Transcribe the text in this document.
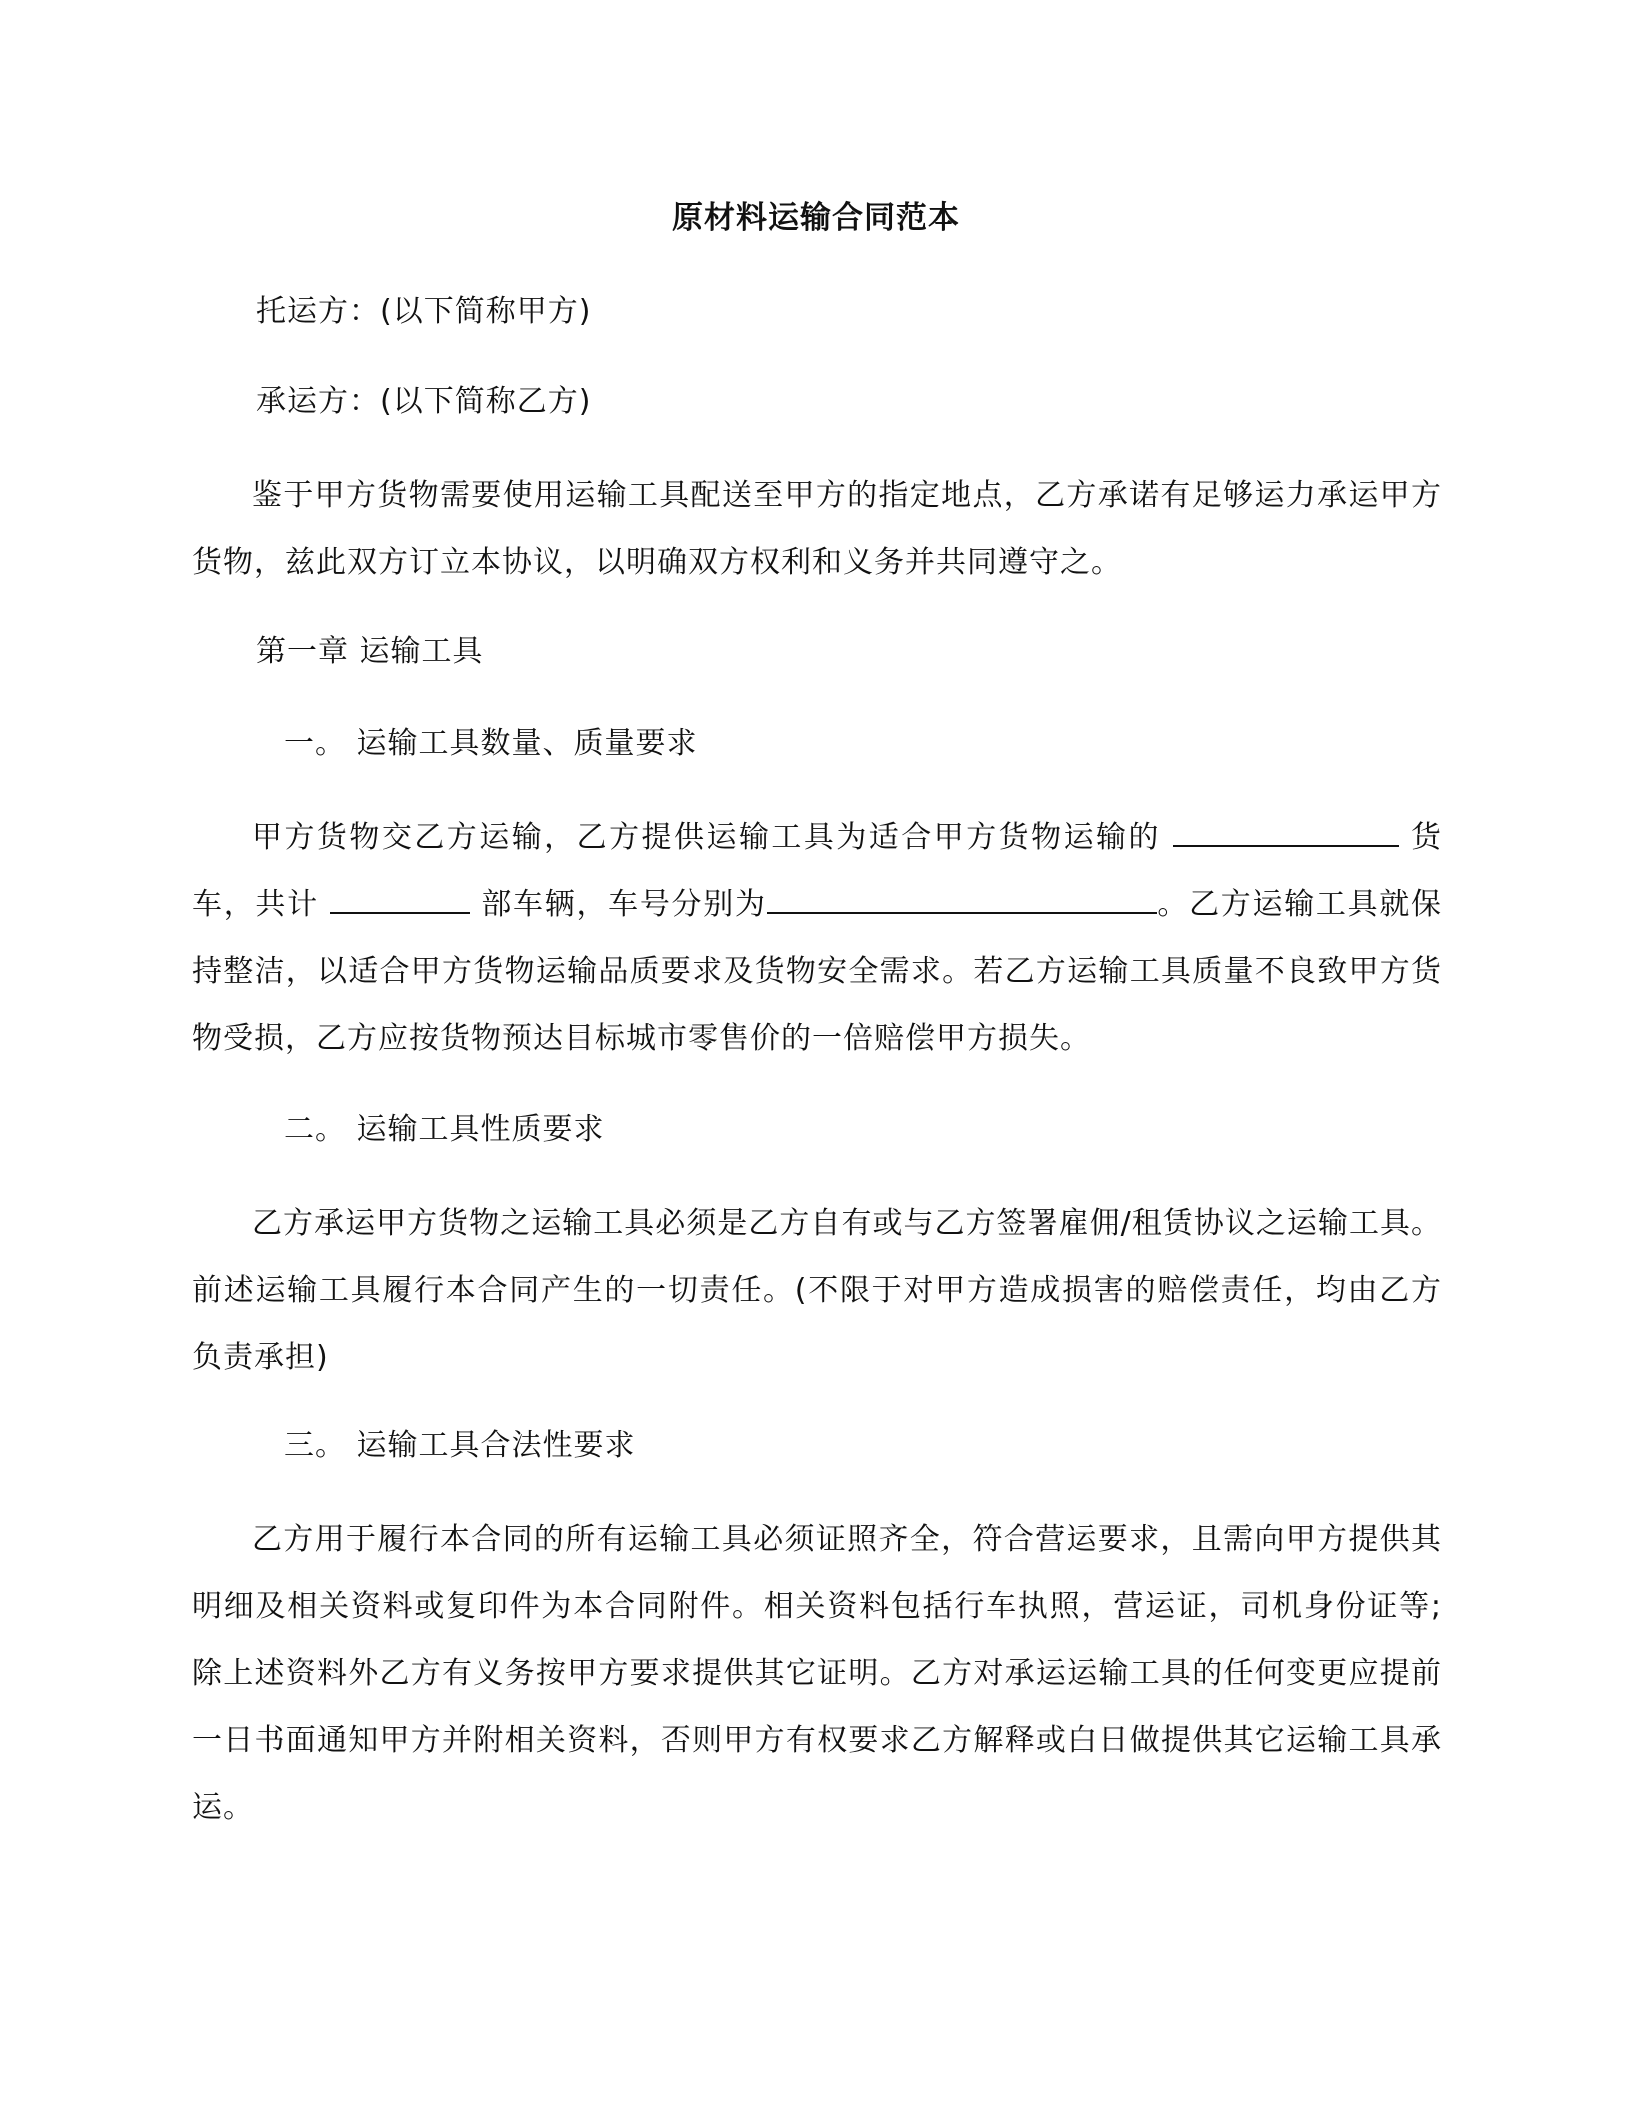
原材料运输合同范本
托运方：(以下简称甲方)
承运方：(以下简称乙方)
鉴于甲方货物需要使用运输工具配送至甲方的指定地点，乙方承诺有足够运力承运甲方货物，兹此双方订立本协议，以明确双方权利和义务并共同遵守之。
第一章 运输工具
一。 运输工具数量、质量要求
甲方货物交乙方运输，乙方提供运输工具为适合甲方货物运输的	货车，共计	部车辆，车号分别为	。乙方运输工具就保持整洁，以适合甲方货物运输品质要求及货物安全需求。若乙方运输工具质量不良致甲方货物受损，乙方应按货物预达目标城市零售价的一倍赔偿甲方损失。
二。 运输工具性质要求
乙方承运甲方货物之运输工具必须是乙方自有或与乙方签署雇佣/租赁协议之运输工具。前述运输工具履行本合同产生的一切责任。(不限于对甲方造成损害的赔偿责任，均由乙方负责承担)
三。 运输工具合法性要求
乙方用于履行本合同的所有运输工具必须证照齐全，符合营运要求，且需向甲方提供其明细及相关资料或复印件为本合同附件。相关资料包括行车执照，营运证，司机身份证等;除上述资料外乙方有义务按甲方要求提供其它证明。乙方对承运运输工具的任何变更应提前一日书面通知甲方并附相关资料，否则甲方有权要求乙方解释或白日做提供其它运输工具承运。
